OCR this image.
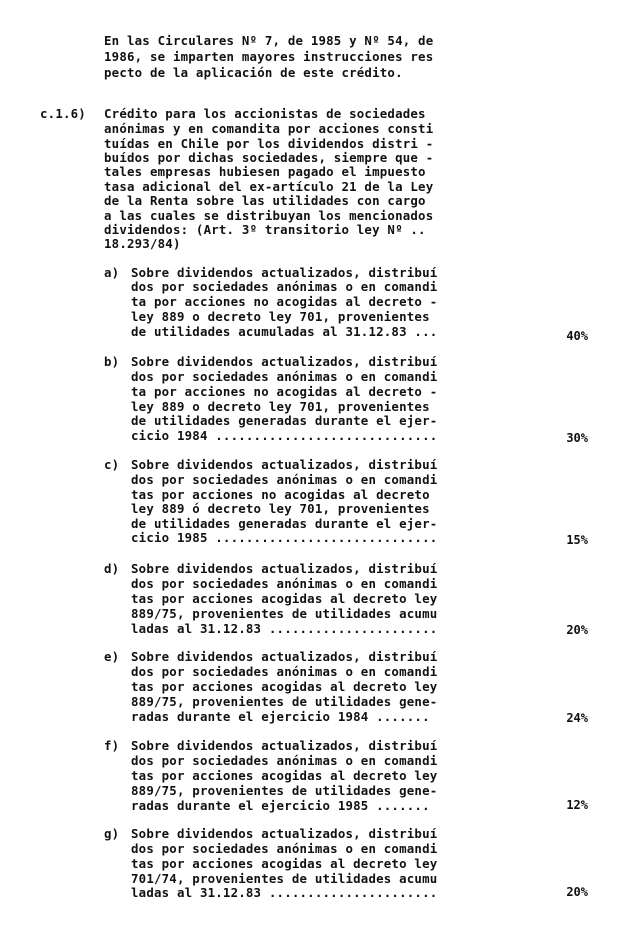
En las Circulares Nº 7, de 1985 y Nº 54, de
1986, se imparten mayores instrucciones res
pecto de la aplicación de este crédito.
c.1.6) Crédito para los accionistas de sociedades
anónimas y en comandita por acciones consti
tuídas en Chile por los dividendos distri -
buídos por dichas sociedades, siempre que -
tales empresas hubiesen pagado el impuesto
tasa adicional del ex-artículo 21 de la Ley
de la Renta sobre las utilidades con cargo
a las cuales se distribuyan los mencionados
dividendos: (Art. 3º transitorio ley Nº ..
18.293/84)
a) Sobre dividendos actualizados, distribuí
dos por sociedades anónimas o en comandi
ta por acciones no acogidas al decreto -
ley 889 o decreto ley 701, provenientes
de utilidades acumuladas al 31.12.83 ...	40%
b) Sobre dividendos actualizados, distribuí
dos por sociedades anónimas o en comandi
ta por acciones no acogidas al decreto -
ley 889 o decreto ley 701, provenientes
de utilidades generadas durante el ejer-
cicio 1984 .............................	30%
c) Sobre dividendos actualizados, distribuí
dos por sociedades anónimas o en comandi
tas por acciones no acogidas al decreto
ley 889 ó decreto ley 701, provenientes
de utilidades generadas durante el ejer-
cicio 1985 .............................	15%
d) Sobre dividendos actualizados, distribuí
dos por sociedades anónimas o en comandi
tas por acciones acogidas al decreto ley
889/75, provenientes de utilidades acumu
ladas al 31.12.83 ......................	20%
e) Sobre dividendos actualizados, distribuí
dos por sociedades anónimas o en comandi
tas por acciones acogidas al decreto ley
889/75, provenientes de utilidades gene-
radas durante el ejercicio 1984 .......	24%
f) Sobre dividendos actualizados, distribuí
dos por sociedades anónimas o en comandi
tas por acciones acogidas al decreto ley
889/75, provenientes de utilidades gene-
radas durante el ejercicio 1985 .......	12%
g) Sobre dividendos actualizados, distribuí
dos por sociedades anónimas o en comandi
tas por acciones acogidas al decreto ley
701/74, provenientes de utilidades acumu
ladas al 31.12.83 ......................	20%
